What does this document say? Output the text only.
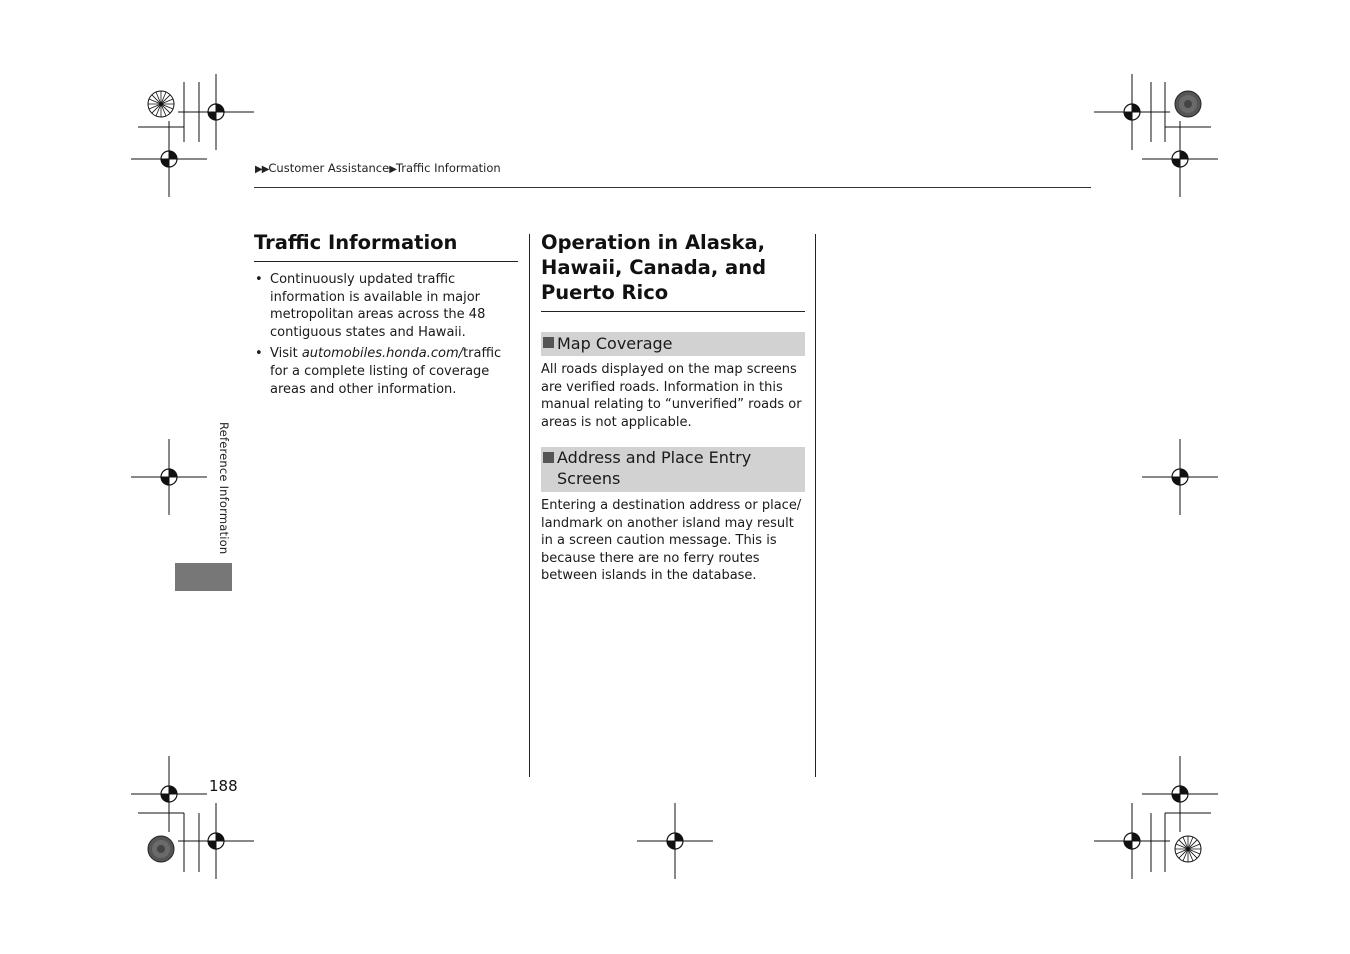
▶▶Customer Assistance▶Traffic Information
Traffic Information
• Continuously updated traffic information is available in major metropolitan areas across the 48 contiguous states and Hawaii.
• Visit automobiles.honda.com/traffic for a complete listing of coverage areas and other information.
Operation in Alaska, Hawaii, Canada, and Puerto Rico
Map Coverage
All roads displayed on the map screens are verified roads. Information in this manual relating to “unverified” roads or areas is not applicable.
Address and Place Entry Screens
Entering a destination address or place/ landmark on another island may result in a screen caution message. This is because there are no ferry routes between islands in the database.
Reference Information
188
